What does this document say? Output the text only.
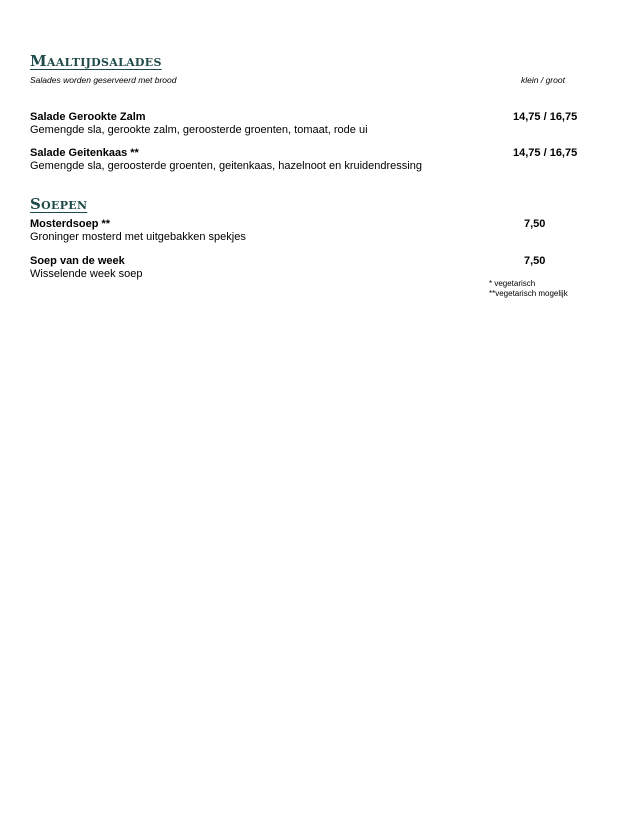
Maaltijdsalades
Salades worden geserveerd met brood	klein / groot
Salade Gerookte Zalm	14,75 / 16,75
Gemengde sla, gerookte zalm, geroosterde groenten, tomaat, rode ui
Salade Geitenkaas **	14,75 / 16,75
Gemengde sla, geroosterde groenten, geitenkaas, hazelnoot en kruidendressing
Soepen
Mosterdsoep **	7,50
Groninger mosterd met uitgebakken spekjes
Soep van de week	7,50
Wisselende week soep
* vegetarisch
**vegetarisch mogelijk
